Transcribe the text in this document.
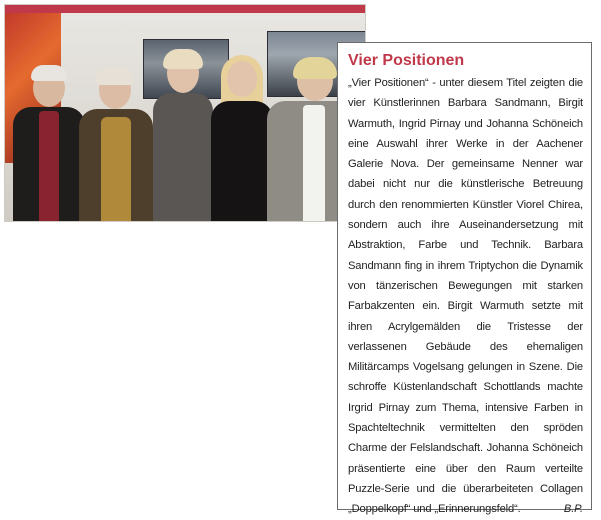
Vier Positionen

„Vier Positionen“ - unter diesem Titel zeigten die vier Künstlerinnen Barbara Sandmann, Birgit Warmuth, Ingrid Pirnay und Johanna Schöneich eine Auswahl ihrer Werke in der Aachener Galerie Nova. Der gemeinsame Nenner war dabei nicht nur die künstlerische Betreuung durch den renommierten Künstler Viorel Chirea, sondern auch ihre Auseinandersetzung mit Abstraktion, Farbe und Technik. Barbara Sandmann fing in ihrem Triptychon die Dynamik von tänzerischen Bewegungen mit starken Farbakzenten ein. Birgit Warmuth setzte mit ihren Acrylgemälden die Tristesse der verlassenen Gebäude des ehemaligen Militärcamps Vogelsang gelungen in Szene. Die schroffe Küstenlandschaft Schottlands machte Irgrid Pirnay zum Thema, intensive Farben in Spachteltechnik vermittelten den spröden Charme der Felslandschaft. Johanna Schöneich präsentierte eine über den Raum verteilte Puzzle-Serie und die überarbeiteten Collagen „Doppelkopf“ und „Erinnerungsfeld“.	B.P.
